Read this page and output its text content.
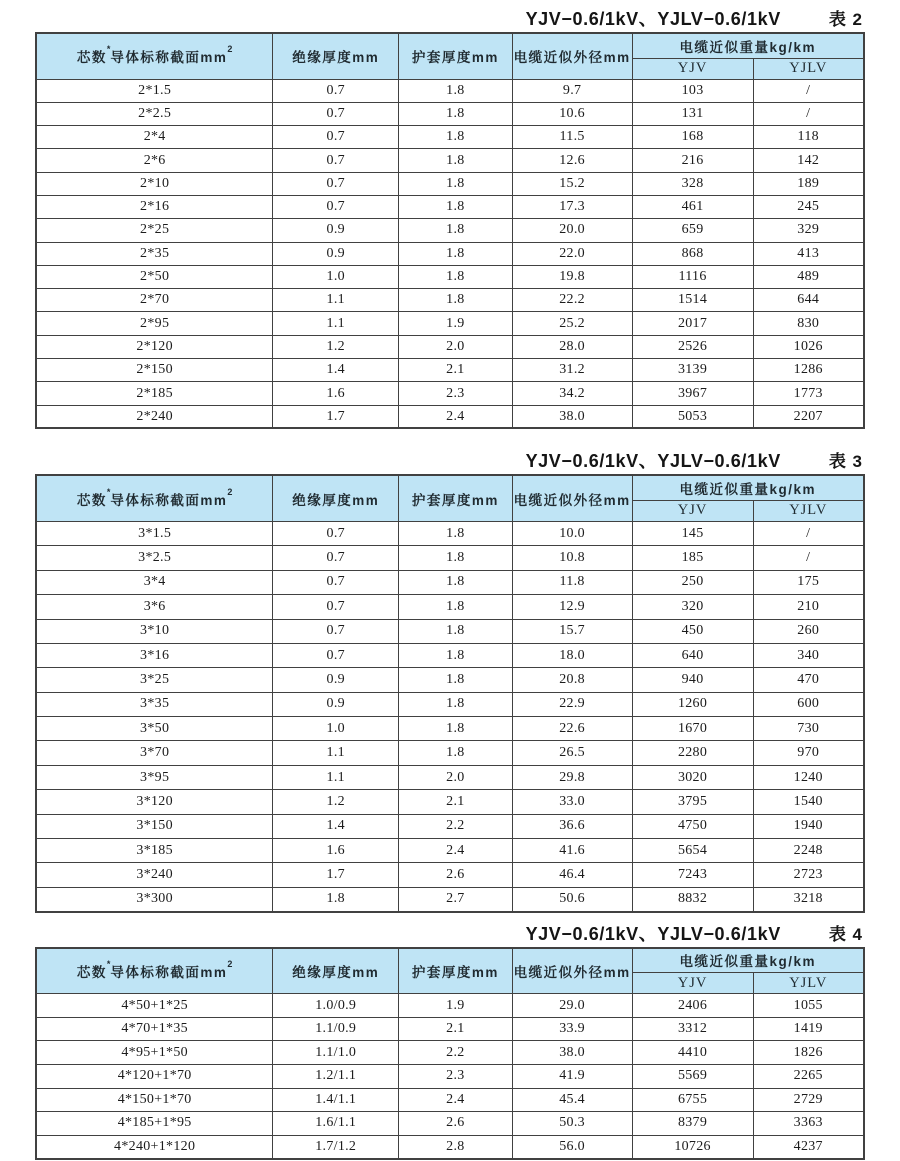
YJV−0.6/1kV、YJLV−0.6/1kV	表 2
芯数*导体标称截面$mm^2$	绝缘厚度mm	护套厚度mm	电缆近似外径mm	电缆近似重量kg/km	
				YJV	YJLV
2*1.5	0.7	1.8	9.7	103	/
2*2.5	0.7	1.8	10.6	131	/
2*4	0.7	1.8	11.5	168	118
2*6	0.7	1.8	12.6	216	142
2*10	0.7	1.8	15.2	328	189
2*16	0.7	1.8	17.3	461	245
2*25	0.9	1.8	20.0	659	329
2*35	0.9	1.8	22.0	868	413
2*50	1.0	1.8	19.8	1116	489
2*70	1.1	1.8	22.2	1514	644
2*95	1.1	1.9	25.2	2017	830
2*120	1.2	2.0	28.0	2526	1026
2*150	1.4	2.1	31.2	3139	1286
2*185	1.6	2.3	34.2	3967	1773
2*240	1.7	2.4	38.0	5053	2207
YJV−0.6/1kV、YJLV−0.6/1kV	表 3
芯数*导体标称截面$mm^2$	绝缘厚度mm	护套厚度mm	电缆近似外径mm	电缆近似重量kg/km	
				YJV	YJLV
3*1.5	0.7	1.8	10.0	145	/
3*2.5	0.7	1.8	10.8	185	/
3*4	0.7	1.8	11.8	250	175
3*6	0.7	1.8	12.9	320	210
3*10	0.7	1.8	15.7	450	260
3*16	0.7	1.8	18.0	640	340
3*25	0.9	1.8	20.8	940	470
3*35	0.9	1.8	22.9	1260	600
3*50	1.0	1.8	22.6	1670	730
3*70	1.1	1.8	26.5	2280	970
3*95	1.1	2.0	29.8	3020	1240
3*120	1.2	2.1	33.0	3795	1540
3*150	1.4	2.2	36.6	4750	1940
3*185	1.6	2.4	41.6	5654	2248
3*240	1.7	2.6	46.4	7243	2723
3*300	1.8	2.7	50.6	8832	3218
YJV−0.6/1kV、YJLV−0.6/1kV	表 4
芯数*导体标称截面$mm^2$	绝缘厚度mm	护套厚度mm	电缆近似外径mm	电缆近似重量kg/km	
				YJV	YJLV
4*50+1*25	1.0/0.9	1.9	29.0	2406	1055
4*70+1*35	1.1/0.9	2.1	33.9	3312	1419
4*95+1*50	1.1/1.0	2.2	38.0	4410	1826
4*120+1*70	1.2/1.1	2.3	41.9	5569	2265
4*150+1*70	1.4/1.1	2.4	45.4	6755	2729
4*185+1*95	1.6/1.1	2.6	50.3	8379	3363
4*240+1*120	1.7/1.2	2.8	56.0	10726	4237
